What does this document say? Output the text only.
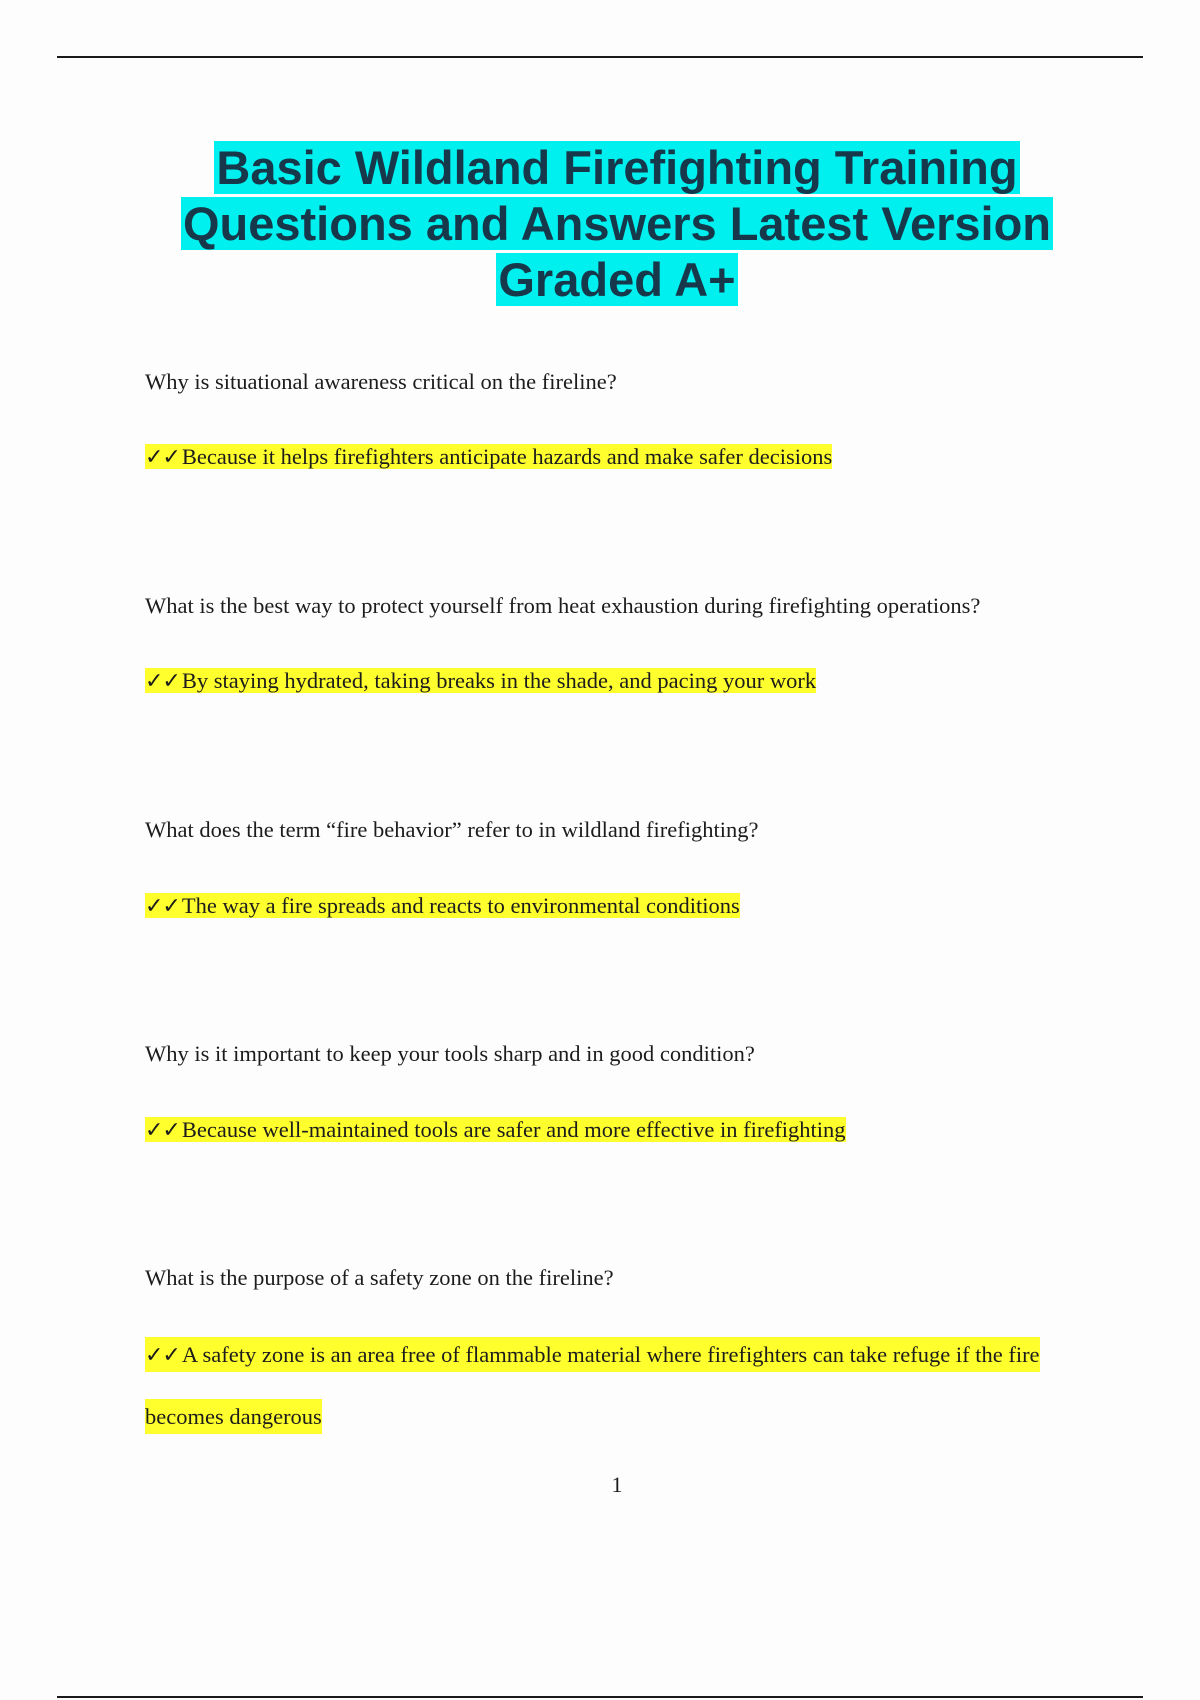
Basic Wildland Firefighting Training
Questions and Answers Latest Version
Graded A+
Why is situational awareness critical on the fireline?
✓✓Because it helps firefighters anticipate hazards and make safer decisions
What is the best way to protect yourself from heat exhaustion during firefighting operations?
✓✓By staying hydrated, taking breaks in the shade, and pacing your work
What does the term “fire behavior” refer to in wildland firefighting?
✓✓The way a fire spreads and reacts to environmental conditions
Why is it important to keep your tools sharp and in good condition?
✓✓Because well-maintained tools are safer and more effective in firefighting
What is the purpose of a safety zone on the fireline?
✓✓A safety zone is an area free of flammable material where firefighters can take refuge if the fire becomes dangerous
1
